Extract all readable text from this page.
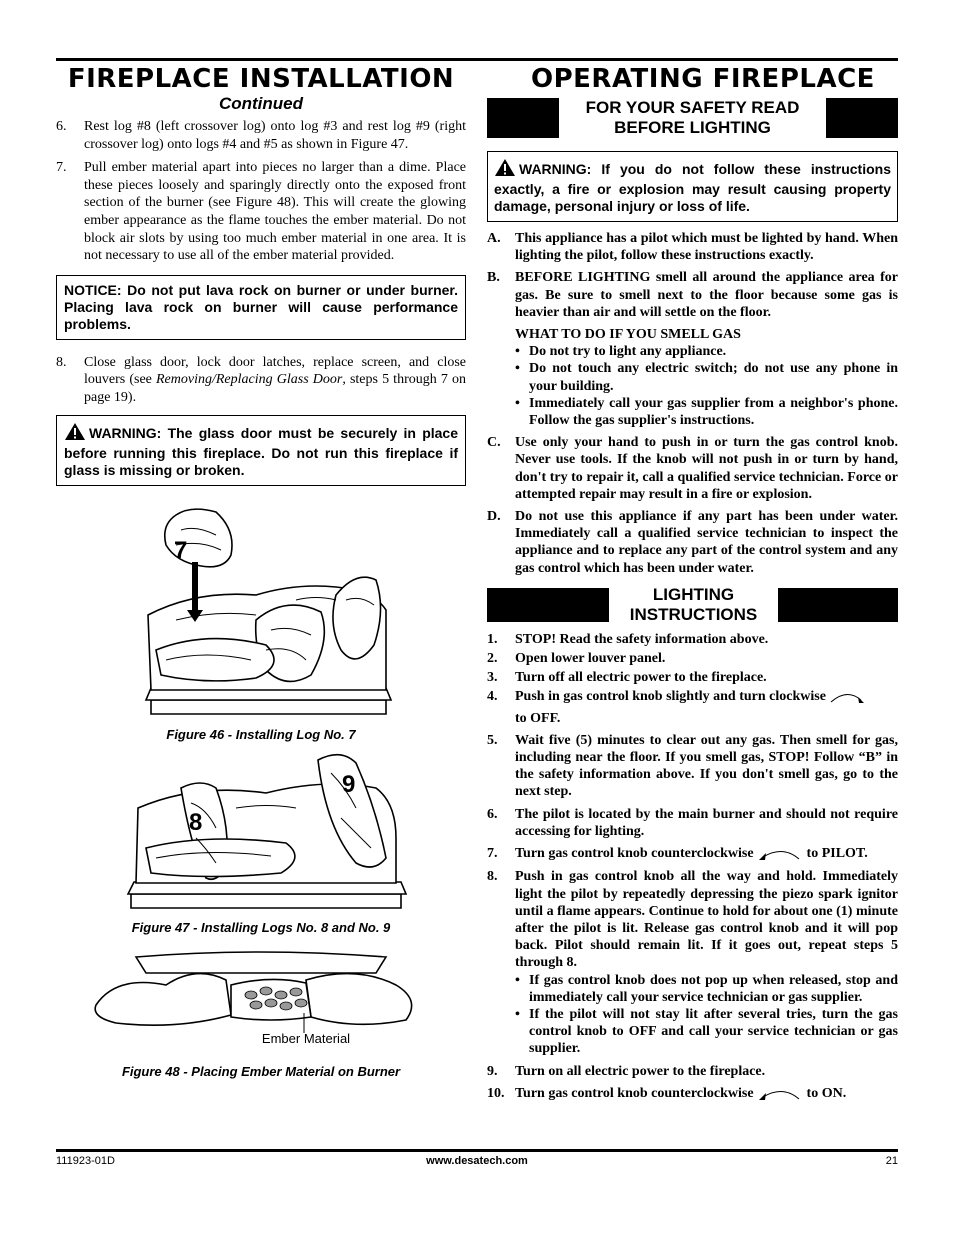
FIREPLACE INSTALLATION
Continued
6.	Rest log #8 (left crossover log) onto log #3 and rest log #9 (right crossover log) onto logs #4 and #5 as shown in Figure 47.
7.	Pull ember material apart into pieces no larger than a dime. Place these pieces loosely and sparingly directly onto the exposed front section of the burner (see Figure 48). This will create the glowing ember appearance as the flame touches the ember material. Do not block air slots by using too much ember material in one area. It is not necessary to use all of the ember material provided.
NOTICE: Do not put lava rock on burner or under burner. Placing lava rock on burner will cause performance problems.
8.	Close glass door, lock door latches, replace screen, and close louvers (see Removing/Replacing Glass Door, steps 5 through 7 on page 19).
WARNING: The glass door must be securely in place before running this fireplace. Do not run this fireplace if glass is missing or broken.
7
Figure 46 - Installing Log No. 7
8
9
Figure 47 - Installing Logs No. 8 and No. 9
Ember Material
Figure 48 - Placing Ember Material on Burner
OPERATING FIREPLACE
FOR YOUR SAFETY READ
BEFORE LIGHTING
WARNING: If you do not follow these instructions exactly, a fire or explosion may result causing property damage, personal injury or loss of life.
A.	This appliance has a pilot which must be lighted by hand. When lighting the pilot, follow these instructions exactly.
B.	BEFORE LIGHTING smell all around the appliance area for gas. Be sure to smell next to the floor because some gas is heavier than air and will settle on the floor.
WHAT TO DO IF YOU SMELL GAS
• Do not try to light any appliance.
• Do not touch any electric switch; do not use any phone in your building.
• Immediately call your gas supplier from a neighbor's phone. Follow the gas supplier's instructions.
C.	Use only your hand to push in or turn the gas control knob. Never use tools. If the knob will not push in or turn by hand, don't try to repair it, call a qualified service technician. Force or attempted repair may result in a fire or explosion.
D.	Do not use this appliance if any part has been under water. Immediately call a qualified service technician to inspect the appliance and to replace any part of the control system and any gas control which has been under water.
LIGHTING
INSTRUCTIONS
1.	STOP! Read the safety information above.
2.	Open lower louver panel.
3.	Turn off all electric power to the fireplace.
4.	Push in gas control knob slightly and turn clockwise
to OFF.
5.	Wait five (5) minutes to clear out any gas. Then smell for gas, including near the floor. If you smell gas, STOP! Follow “B” in the safety information above. If you don't smell gas, go to the next step.
6.	The pilot is located by the main burner and should not require accessing for lighting.
7.	Turn gas control knob counterclockwise	to PILOT.
8.	Push in gas control knob all the way and hold. Immediately light the pilot by repeatedly depressing the piezo spark ignitor until a flame appears. Continue to hold for about one (1) minute after the pilot is lit. Release gas control knob and it will pop back. Pilot should remain lit. If it goes out, repeat steps 5 through 8.
• If gas control knob does not pop up when released, stop and immediately call your service technician or gas supplier.
• If the pilot will not stay lit after several tries, turn the gas control knob to OFF and call your service technician or gas supplier.
9.	Turn on all electric power to the fireplace.
10. Turn gas control knob counterclockwise	to ON.
111923-01D	www.desatech.com	21
